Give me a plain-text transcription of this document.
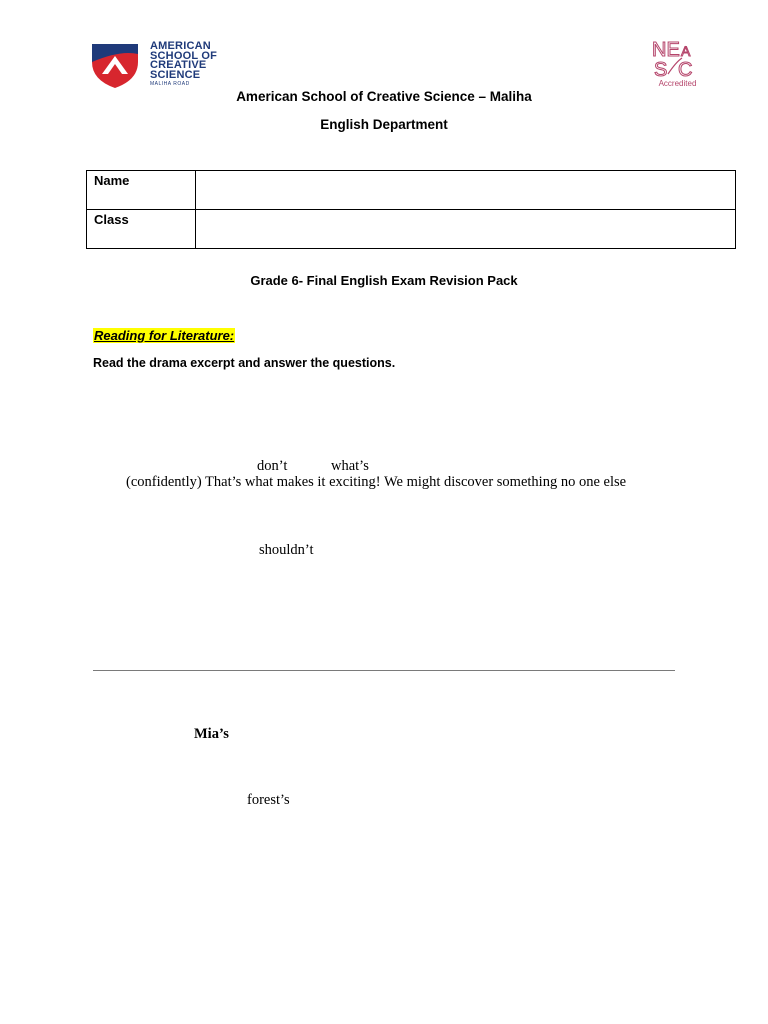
AMERICAN
SCHOOL OF
CREATIVE
SCIENCE
MALIHA ROAD
NE A
S C
Accredited
American School of Creative Science – Maliha
English Department
Name	
Class	
Grade 6- Final English Exam Revision Pack
Reading for Literature:
Read the drama excerpt and answer the questions.
don’t	what’s
(confidently) That’s what makes it exciting! We might discover something no one else
shouldn’t
Mia’s
forest’s
